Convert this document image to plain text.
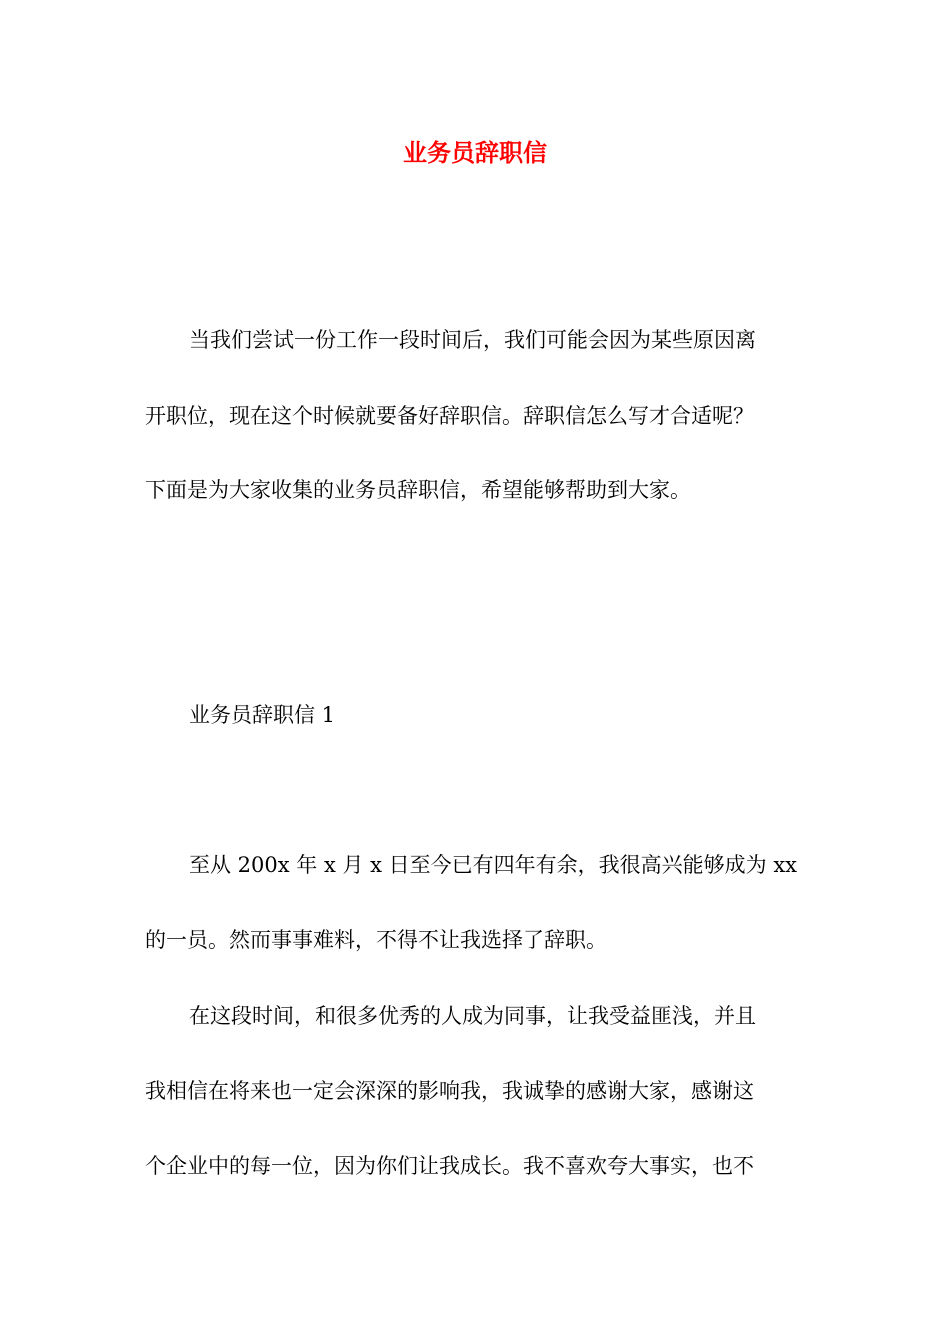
业务员辞职信

当我们尝试一份工作一段时间后，我们可能会因为某些原因离

开职位，现在这个时候就要备好辞职信。辞职信怎么写才合适呢？

下面是为大家收集的业务员辞职信，希望能够帮助到大家。

业务员辞职信 1

至从 200x 年 x 月 x 日至今已有四年有余，我很高兴能够成为 xx

的一员。然而事事难料，不得不让我选择了辞职。

在这段时间，和很多优秀的人成为同事，让我受益匪浅，并且

我相信在将来也一定会深深的影响我，我诚挚的感谢大家，感谢这

个企业中的每一位，因为你们让我成长。我不喜欢夸大事实，也不
